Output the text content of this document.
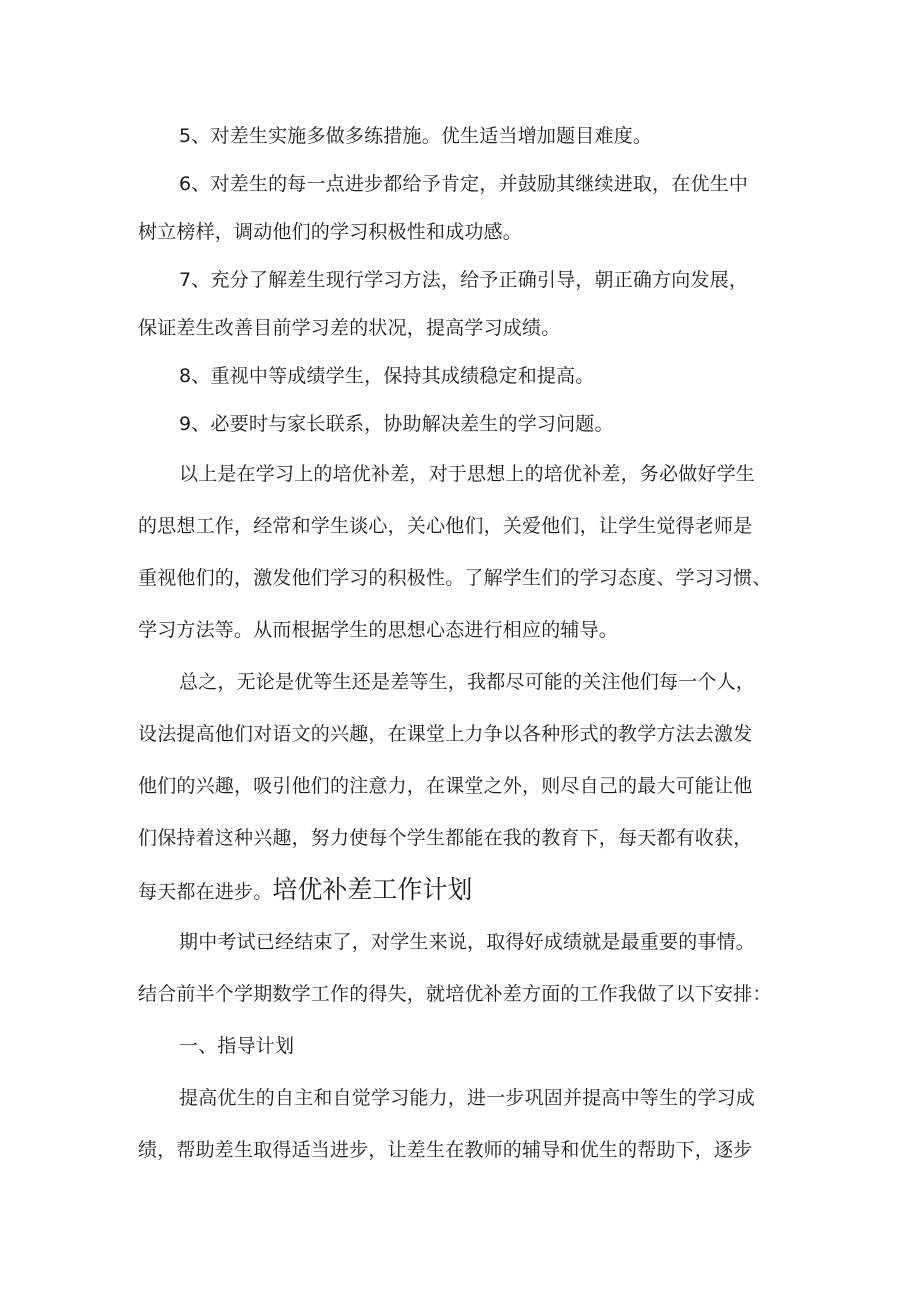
5、对差生实施多做多练措施。优生适当增加题目难度。
6、对差生的每一点进步都给予肯定，并鼓励其继续进取，在优生中
树立榜样，调动他们的学习积极性和成功感。
7、充分了解差生现行学习方法，给予正确引导，朝正确方向发展，
保证差生改善目前学习差的状况，提高学习成绩。
8、重视中等成绩学生，保持其成绩稳定和提高。
9、必要时与家长联系，协助解决差生的学习问题。
以上是在学习上的培优补差，对于思想上的培优补差，务必做好学生
的思想工作，经常和学生谈心，关心他们，关爱他们，让学生觉得老师是
重视他们的，激发他们学习的积极性。了解学生们的学习态度、学习习惯、
学习方法等。从而根据学生的思想心态进行相应的辅导。
总之，无论是优等生还是差等生，我都尽可能的关注他们每一个人，
设法提高他们对语文的兴趣，在课堂上力争以各种形式的教学方法去激发
他们的兴趣，吸引他们的注意力，在课堂之外，则尽自己的最大可能让他
们保持着这种兴趣，努力使每个学生都能在我的教育下，每天都有收获，
每天都在进步。培优补差工作计划
期中考试已经结束了，对学生来说，取得好成绩就是最重要的事情。
结合前半个学期数学工作的得失，就培优补差方面的工作我做了以下安排：
一、指导计划
提高优生的自主和自觉学习能力，进一步巩固并提高中等生的学习成
绩，帮助差生取得适当进步，让差生在教师的辅导和优生的帮助下，逐步
